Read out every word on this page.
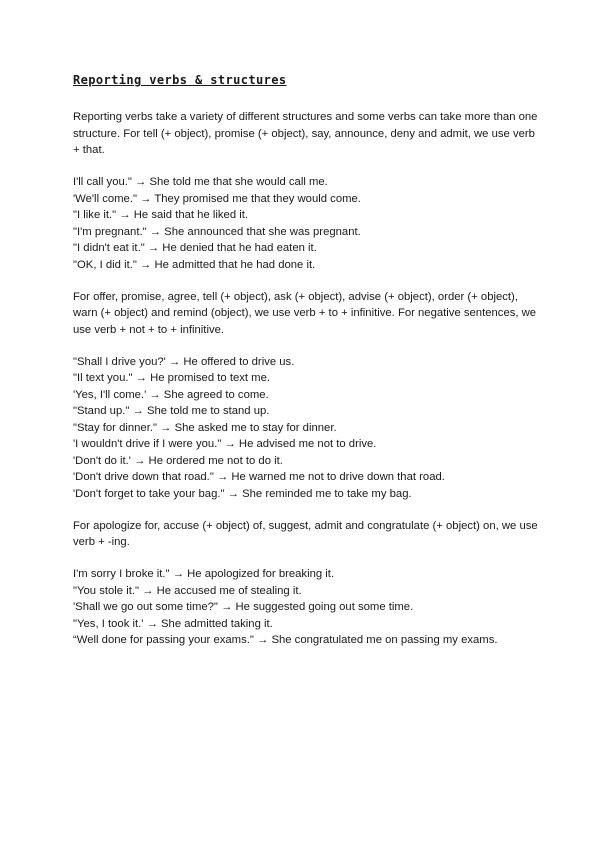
Reporting verbs & structures

Reporting verbs take a variety of different structures and some verbs can take more than one structure. For tell (+ object), promise (+ object), say, announce, deny and admit, we use verb + that.

I'll call you." → She told me that she would call me.
'We'll come." → They promised me that they would come.
"I like it." → He said that he liked it.
"I'm pregnant." → She announced that she was pregnant.
"I didn't eat it." → He denied that he had eaten it.
"OK, I did it." → He admitted that he had done it.

For offer, promise, agree, tell (+ object), ask (+ object), advise (+ object), order (+ object), warn (+ object) and remind (object), we use verb + to + infinitive. For negative sentences, we use verb + not + to + infinitive.

"Shall I drive you?' → He offered to drive us.
"Il text you." → He promised to text me.
'Yes, I'll come.' → She agreed to come.
"Stand up." → She told me to stand up.
"Stay for dinner." → She asked me to stay for dinner.
'I wouldn't drive if I were you." → He advised me not to drive.
'Don't do it.' → He ordered me not to do it.
'Don't drive down that road." → He warned me not to drive down that road.
'Don't forget to take your bag." → She reminded me to take my bag.

For apologize for, accuse (+ object) of, suggest, admit and congratulate (+ object) on, we use verb + -ing.

I'm sorry I broke it." → He apologized for breaking it.
"You stole it." → He accused me of stealing it.
'Shall we go out some time?" → He suggested going out some time.
"Yes, I took it.' → She admitted taking it.
“Well done for passing your exams." → She congratulated me on passing my exams.
